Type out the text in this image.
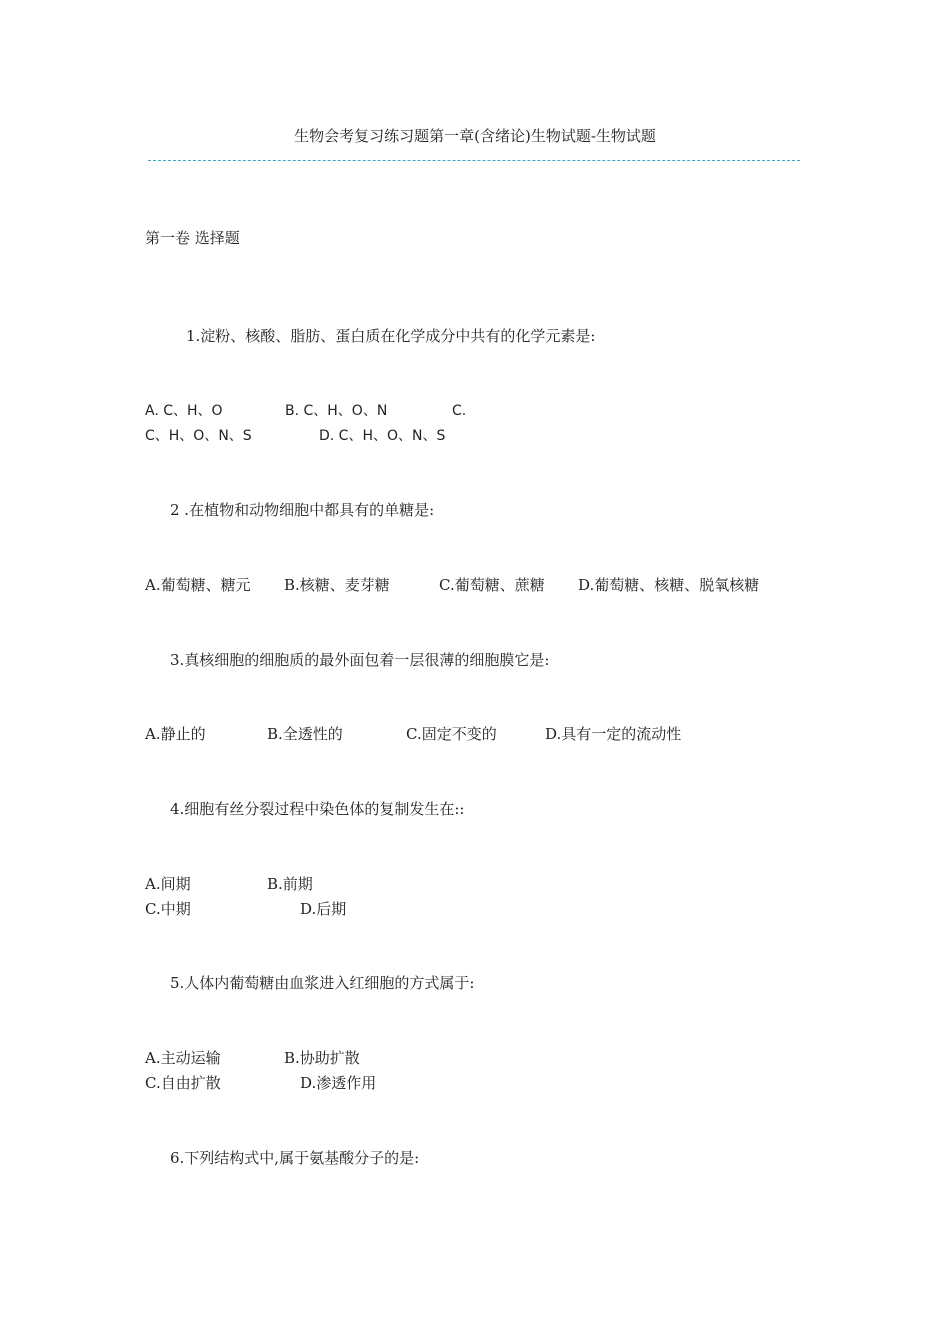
生物会考复习练习题第一章(含绪论)生物试题-生物试题
第一卷 选择题
1.淀粉、核酸、脂肪、蛋白质在化学成分中共有的化学元素是:
A. C、H、O	B. C、H、O、N	C.
C、H、O、N、S	D. C、H、O、N、S
2 .在植物和动物细胞中都具有的单糖是:
A.葡萄糖、糖元 B.核糖、麦芽糖	C.葡萄糖、蔗糖 D.葡萄糖、核糖、脱氧核糖
3.真核细胞的细胞质的最外面包着一层很薄的细胞膜它是:
A.静止的	B.全透性的	C.固定不变的	D.具有一定的流动性
4.细胞有丝分裂过程中染色体的复制发生在::
A.间期	B.前期
C.中期	D.后期
5.人体内葡萄糖由血浆进入红细胞的方式属于:
A.主动运输	B.协助扩散
C.自由扩散	D.渗透作用
6.下列结构式中,属于氨基酸分子的是:
